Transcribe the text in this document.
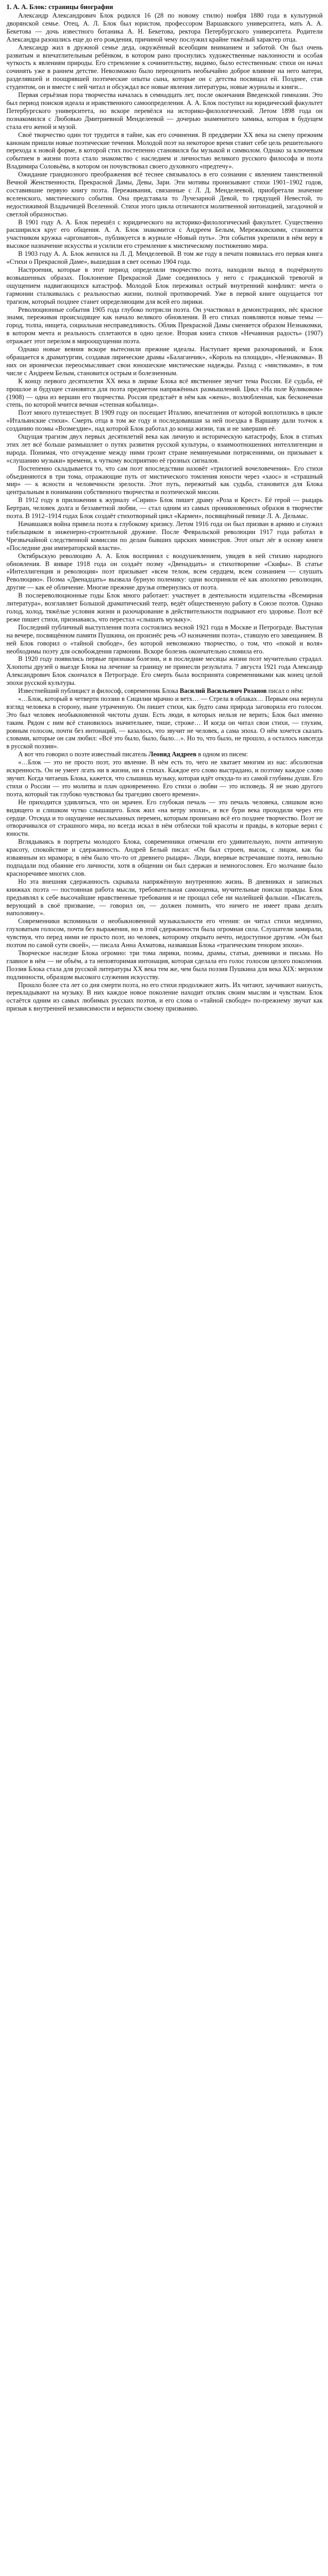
1. А. А. Блок: страницы биографии

Александр Александрович Блок родился 16 (28 по новому стилю) ноября 1880 года в культурной дворянской семье. Отец, А. Л. Блок был юристом, профессором Варшавского университета, мать А. А. Бекетова — дочь известного ботаника А. Н. Бекетова, ректора Петербургского университета. Родители Александра разошлись еще до его рождения, причиной чему послужил крайне тяжёлый характер отца.

Александр жил в дружной семье деда, окружённый всеобщим вниманием и заботой. Он был очень развитым и впечатлительным ребёнком, в котором рано проснулись художественные наклонности и особая чуткость к явлениям природы. Его стремление к сочинительству, видимо, было естественным: стихи он начал сочинять уже в раннем детстве. Невозможно было переоценить необычайно доброе влияние на него матери, разделявшей и поощрявшей поэтические опыты сына, которые он с детства посвящал ей. Позднее, став студентом, он и вместе с ней читал и обсуждал все новые явления литературы, новые журналы и книги...

Первая серьёзная пора творчества началась в семнадцать лет, после окончания Введенской гимназии. Это был период поисков идеала и нравственного самоопределения. А. А. Блок поступил на юридический факультет Петербургского университета, но вскоре перевёлся на историко-филологический. Летом 1898 года он познакомился с Любовью Дмитриевной Менделеевой — дочерью знаменитого химика, которая в будущем стала его женой и музой.

Своё творчество один тот трудится в тайне, как его сочинения. В преддверии XX века на смену прежним канонам пришли новые поэтические течения. Молодой поэт на некоторое время ставит себе цель решительного перехода к новой форме, в которой стих постепенно становился бы музыкой и символом. Однако за ключевым событием в жизни поэта стало знакомство с наследием и личностью великого русского философа и поэта Владимира Соловьёва, в котором он почувствовал своего духовного «предтечу».

Ожидание грандиозного преображения всё теснее связывалось в его сознании с явлением таинственной Вечной Женственности, Прекрасной Дамы, Девы, Зари. Эти мотивы пронизывают стихи 1901–1902 годов, составившие первую книгу поэта. Переживания, связанные с Л. Д. Менделеевой, приобретали значение вселенского, мистического события. Она представала то Лучезарной Девой, то грядущей Невестой, то недостижимой Владычицей Вселенной. Стихи этого цикла отличаются молитвенной интонацией, загадочной и светлой образностью.

В 1901 году А. А. Блок перешёл с юридического на историко-филологический факультет. Существенно расширился круг его общения. А. А. Блок знакомится с Андреем Белым, Мережковскими, становится участником кружка «аргонавтов», публикуется в журнале «Новый путь». Эти события укрепили в нём веру в высокое назначение искусства и усилили его стремление к мистическому постижению мира.

В 1903 году А. А. Блок женился на Л. Д. Менделеевой. В том же году в печати появилась его первая книга «Стихи о Прекрасной Даме», вышедшая в свет осенью 1904 года.

Настроения, которые в этот период определяли творчество поэта, находили выход в подчёркнуто возвышенных образах. Поклонение Прекрасной Даме соединялось у него с гражданской тревогой и ощущением надвигающихся катастроф. Молодой Блок переживал острый внутренний конфликт: мечта о гармонии сталкивалась с реальностью жизни, полной противоречий. Уже в первой книге ощущается тот трагизм, который позднее станет определяющим для всей его лирики.

Революционные события 1905 года глубоко потрясли поэта. Он участвовал в демонстрациях, нёс красное знамя, переживая происходящее как начало великого обновления. В его стихах появляются новые темы — город, толпа, нищета, социальная несправедливость. Облик Прекрасной Дамы сменяется образом Незнакомки, в котором мечта и реальность сплетаются в одно целое. Вторая книга стихов «Нечаянная радость» (1907) отражает этот перелом в мироощущении поэта.

Однако новые веяния вскоре вытеснили прежние идеалы. Наступает время разочарований, и Блок обращается к драматургии, создавая лирические драмы «Балаганчик», «Король на площади», «Незнакомка». В них он иронически переосмысливает свои юношеские мистические надежды. Разлад с «мистиками», в том числе с Андреем Белым, становится острым и болезненным.

К концу первого десятилетия XX века в лирике Блока всё явственнее звучит тема России. Её судьба, её прошлое и будущее становятся для поэта предметом напряжённых размышлений. Цикл «На поле Куликовом» (1908) — одна из вершин его творчества. Россия предстаёт в нём как «жена», возлюбленная, как бесконечная степь, по которой мчится вечная «степная кобылица».

Поэт много путешествует. В 1909 году он посещает Италию, впечатления от которой воплотились в цикле «Итальянские стихи». Смерть отца в том же году и последовавшая за ней поездка в Варшаву дали толчок к созданию поэмы «Возмездие», над которой Блок работал до конца жизни, так и не завершив её.

Ощущая трагизм двух первых десятилетий века как личную и историческую катастрофу, Блок в статьях этих лет всё больше размышляет о путях развития русской культуры, о взаимоотношениях интеллигенции и народа. Понимая, что отчуждение между ними грозит стране неминуемыми потрясениями, он призывает к «слушанию музыки» времени, к чуткому восприятию её грозных сигналов.

Постепенно складывается то, что сам поэт впоследствии назовёт «трилогией вочеловечения». Его стихи объединяются в три тома, отражающие путь от мистического томления юности через «хаос» и «страшный мир» — к ясности и человечности зрелости. Этот путь, пережитый как судьба, становится для Блока центральным в понимании собственного творчества и поэтической миссии.

В 1912 году в приложении к журналу «Сирин» Блок пишет драму «Роза и Крест». Её герой — рыцарь Бертран, человек долга и беззаветной любви, — стал одним из самых проникновенных образов в творчестве поэта. В 1912–1914 годах Блок создаёт стихотворный цикл «Кармен», посвящённый певице Л. А. Дельмас.

Начавшаяся война привела поэта к глубокому кризису. Летом 1916 года он был призван в армию и служил табельщиком в инженерно-строительной дружине. После Февральской революции 1917 года работал в Чрезвычайной следственной комиссии по делам бывших царских министров. Этот опыт лёг в основу книги «Последние дни императорской власти».

Октябрьскую революцию А. А. Блок воспринял с воодушевлением, увидев в ней стихию народного обновления. В январе 1918 года он создаёт поэму «Двенадцать» и стихотворение «Скифы». В статье «Интеллигенция и революция» поэт призывает «всем телом, всем сердцем, всем сознанием — слушать Революцию». Поэма «Двенадцать» вызвала бурную полемику: одни восприняли её как апологию революции, другие — как её обличение. Многие прежние друзья отвернулись от поэта.

В послереволюционные годы Блок много работает: участвует в деятельности издательства «Всемирная литература», возглавляет Большой драматический театр, ведёт общественную работу в Союзе поэтов. Однако голод, холод, тяжёлые условия жизни и разочарование в действительности подрывают его здоровье. Поэт всё реже пишет стихи, признаваясь, что перестал «слышать музыку».

Последний публичный выступления поэта состоялись весной 1921 года в Москве и Петрограде. Выступая на вечере, посвящённом памяти Пушкина, он произнёс речь «О назначении поэта», ставшую его завещанием. В ней Блок говорил о «тайной свободе», без которой невозможно творчество, о том, что «покой и воля» необходимы поэту для освобождения гармонии. Вскоре болезнь окончательно сломила его.

В 1920 году появились первые признаки болезни, и в последние месяцы жизни поэт мучительно страдал. Хлопоты друзей о выезде Блока на лечение за границу не принесли результата. 7 августа 1921 года Александр Александрович Блок скончался в Петрограде. Его смерть была воспринята современниками как конец целой эпохи русской культуры.

Известнейший публицист и философ, современник Блока Василий Васильевич Розанов писал о нём:

«…Блок, который в четверти поэзии в Сицилии мрачно и ветх… — Стрела в облаках… Первым она вернула взгляд человека в сторону, ныне утраченную. Он пишет стихи, как будто сама природа заговорила его голосом. Это был человек необыкновенной чистоты души. Есть люди, в которых нельзя не верить; Блок был именно таким. Рядом с ним всё становилось значительнее, тише, строже… И когда он читал свои стихи, — глухим, ровным голосом, почти без интонаций, — казалось, что звучит не человек, а сама эпоха. О нём хочется сказать словами, которые он сам любил: «Всё это было, было, было…». Но то, что было, не прошло, а осталось навсегда в русской поэзии».

А вот что говорил о поэте известный писатель Леонид Андреев в одном из писем:

«…Блок — это не просто поэт, это явление. В нём есть то, чего не хватает многим из нас: абсолютная искренность. Он не умеет лгать ни в жизни, ни в стихах. Каждое его слово выстрадано, и поэтому каждое слово звучит. Когда читаешь Блока, кажется, что слышишь музыку, которая идёт откуда-то из самой глубины души. Его стихи о России — это молитва и плач одновременно. Его стихи о любви — это исповедь. Я не знаю другого поэта, который так глубоко чувствовал бы трагедию своего времени».

Не приходится удивляться, что он мрачен. Его глубокая печаль — это печаль человека, слишком ясно видящего и слишком чутко слышащего. Блок жил «на ветру эпохи», и все бури века проходили через его сердце. Отсюда и то ощущение неслыханных перемен, которым пронизано всё его позднее творчество. Поэт не отворачивался от страшного мира, но всегда искал в нём отблески той красоты и правды, в которые верил с юности.

Вглядываясь в портреты молодого Блока, современники отмечали его удивительную, почти античную красоту, спокойствие и сдержанность. Андрей Белый писал: «Он был строен, высок, с лицом, как бы изваянным из мрамора; в нём было что-то от древнего рыцаря». Люди, впервые встречавшие поэта, невольно подпадали под обаяние его личности, хотя в общении он был сдержан и немногословен. Его молчание было красноречивее многих слов.

Но эта внешняя сдержанность скрывала напряжённую внутреннюю жизнь. В дневниках и записных книжках поэта — постоянная работа мысли, требовательная самооценка, мучительные поиски правды. Блок предъявлял к себе высочайшие нравственные требования и не прощал себе ни малейшей фальши. «Писатель, верующий в своё призвание, — говорил он, — должен помнить, что ничего не имеет права делать наполовину».

Современники вспоминали о необыкновенной музыкальности его чтения: он читал стихи медленно, глуховатым голосом, почти без выражения, но в этой сдержанности была огромная сила. Слушатели замирали, чувствуя, что перед ними не просто поэт, но человек, которому открыто нечто, недоступное другим. «Он был поэтом по самой сути своей», — писала Анна Ахматова, назвавшая Блока «трагическим тенором эпохи».

Творческое наследие Блока огромно: три тома лирики, поэмы, драмы, статьи, дневники и письма. Но главное в нём — не объём, а та неповторимая интонация, которая сделала его голос голосом целого поколения. Поэзия Блока стала для русской литературы XX века тем же, чем была поэзия Пушкина для века XIX: мерилом подлинности, образцом высокого служения искусству.

Прошло более ста лет со дня смерти поэта, но его стихи продолжают жить. Их читают, заучивают наизусть, перекладывают на музыку. В них каждое новое поколение находит отклик своим мыслям и чувствам. Блок остаётся одним из самых любимых русских поэтов, и его слова о «тайной свободе» по-прежнему звучат как призыв к внутренней независимости и верности своему призванию.
